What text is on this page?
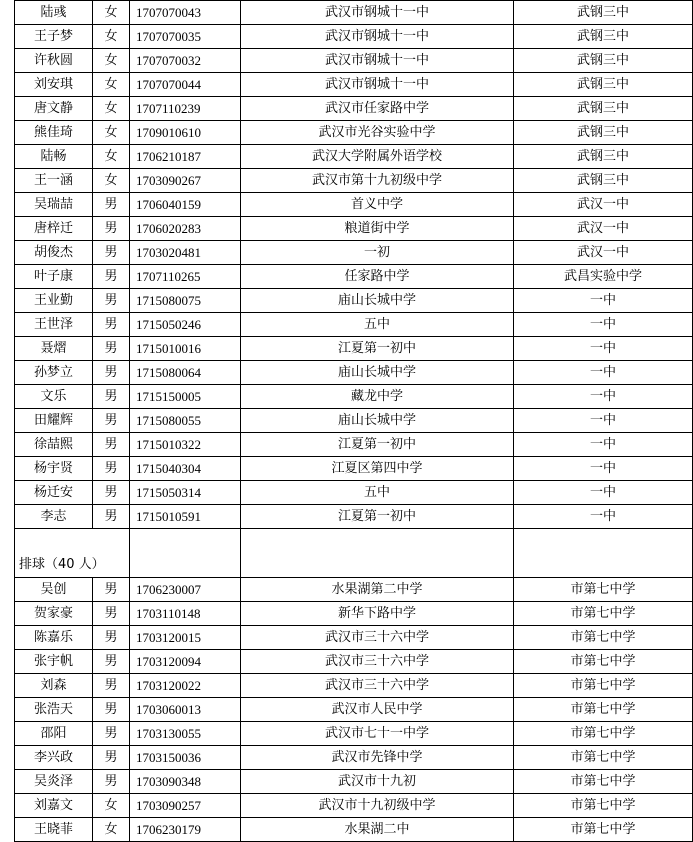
陆彧	女	1707070043	武汉市钢城十一中	武钢三中
王子梦	女	1707070035	武汉市钢城十一中	武钢三中
许秋圆	女	1707070032	武汉市钢城十一中	武钢三中
刘安琪	女	1707070044	武汉市钢城十一中	武钢三中
唐文静	女	1707110239	武汉市任家路中学	武钢三中
熊佳琦	女	1709010610	武汉市光谷实验中学	武钢三中
陆畅	女	1706210187	武汉大学附属外语学校	武钢三中
王一涵	女	1703090267	武汉市第十九初级中学	武钢三中
吴瑞喆	男	1706040159	首义中学	武汉一中
唐梓迁	男	1706020283	粮道街中学	武汉一中
胡俊杰	男	1703020481	一初	武汉一中
叶子康	男	1707110265	任家路中学	武昌实验中学
王业勤	男	1715080075	庙山长城中学	一中
王世泽	男	1715050246	五中	一中
聂熠	男	1715010016	江夏第一初中	一中
孙梦立	男	1715080064	庙山长城中学	一中
文乐	男	1715150005	藏龙中学	一中
田耀辉	男	1715080055	庙山长城中学	一中
徐喆熙	男	1715010322	江夏第一初中	一中
杨宇贤	男	1715040304	江夏区第四中学	一中
杨迁安	男	1715050314	五中	一中
李志	男	1715010591	江夏第一初中	一中
排球（40 人）				
吴创	男	1706230007	水果湖第二中学	市第七中学
贺家豪	男	1703110148	新华下路中学	市第七中学
陈嘉乐	男	1703120015	武汉市三十六中学	市第七中学
张宇帆	男	1703120094	武汉市三十六中学	市第七中学
刘森	男	1703120022	武汉市三十六中学	市第七中学
张浩天	男	1703060013	武汉市人民中学	市第七中学
邵阳	男	1703130055	武汉市七十一中学	市第七中学
李兴政	男	1703150036	武汉市先锋中学	市第七中学
吴炎泽	男	1703090348	武汉市十九初	市第七中学
刘嘉文	女	1703090257	武汉市十九初级中学	市第七中学
王晓菲	女	1706230179	水果湖二中	市第七中学
